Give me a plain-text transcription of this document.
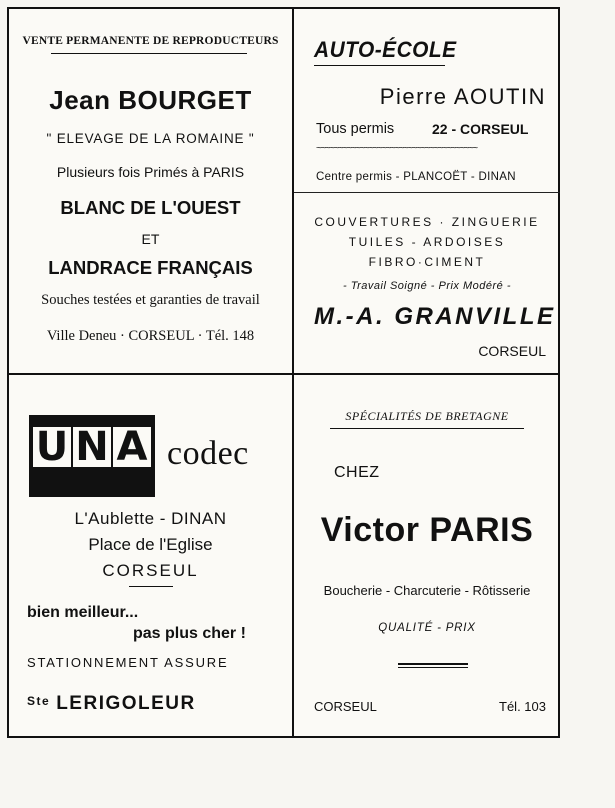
VENTE PERMANENTE DE REPRODUCTEURS
Jean BOURGET
" ELEVAGE DE LA ROMAINE "
Plusieurs fois Primés à PARIS
BLANC DE L'OUEST
ET
LANDRACE FRANÇAIS
Souches testées et garanties de travail
Ville Deneu · CORSEUL · Tél. 148
AUTO-ÉCOLE
Pierre AOUTIN
Tous permis	22 - CORSEUL
~~~~~~~~~~~~~~~~~~~~~~~~~~~~~~~~~~~~~
Centre permis - PLANCOËT - DINAN
COUVERTURES · ZINGUERIE
TUILES - ARDOISES
FIBRO·CIMENT
- Travail Soigné - Prix Modéré -
M.-A. GRANVILLE
CORSEUL
U N A codec
L'Aublette - DINAN
Place de l'Eglise
CORSEUL
bien meilleur...
pas plus cher !
STATIONNEMENT ASSURE
$^{Ste}$ LERIGOLEUR
SPÉCIALITÉS DE BRETAGNE
CHEZ
Victor PARIS
Boucherie - Charcuterie - Rôtisserie
QUALITÉ - PRIX
CORSEUL	Tél. 103
